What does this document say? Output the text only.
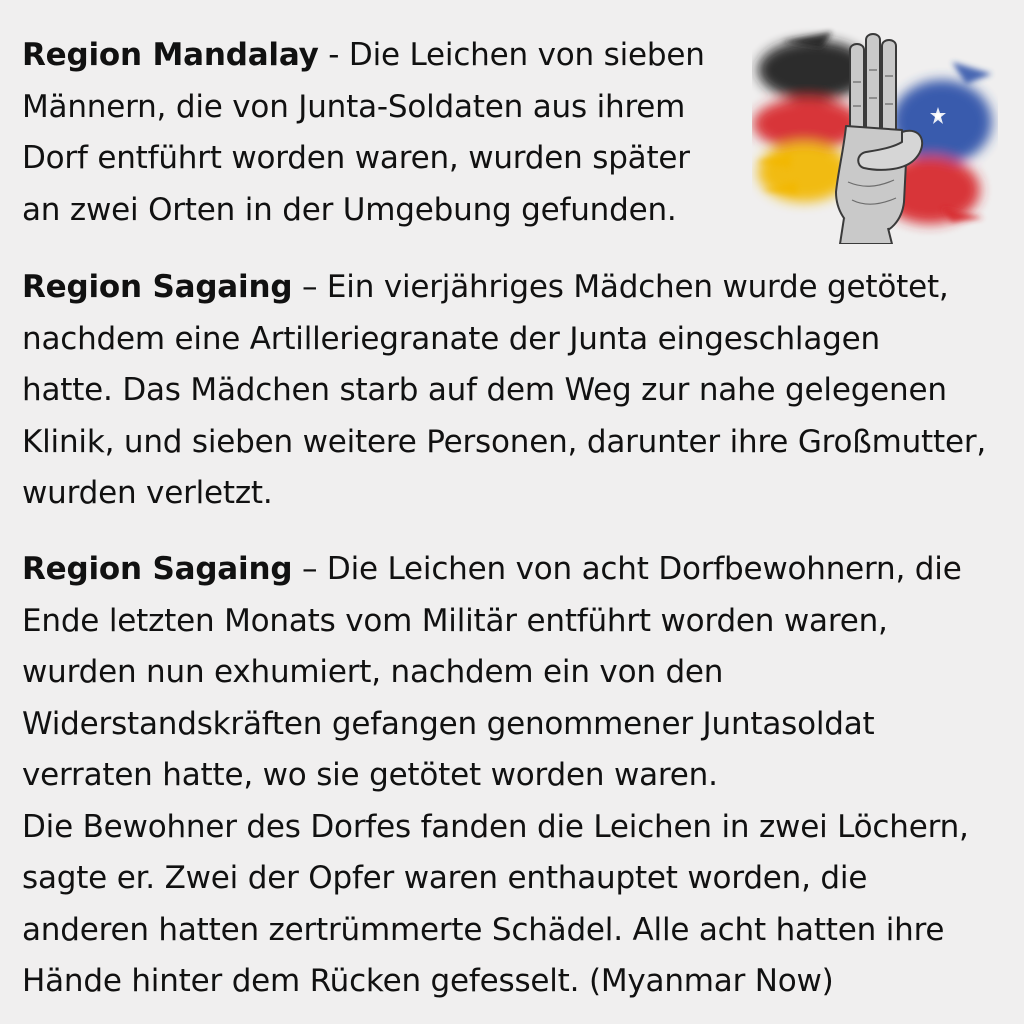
Region Mandalay - Die Leichen von sieben
Männern, die von Junta-Soldaten aus ihrem
Dorf entführt worden waren, wurden später
an zwei Orten in der Umgebung gefunden.
Region Sagaing – Ein vierjähriges Mädchen wurde getötet,
nachdem eine Artilleriegranate der Junta eingeschlagen
hatte. Das Mädchen starb auf dem Weg zur nahe gelegenen
Klinik, und sieben weitere Personen, darunter ihre Großmutter,
wurden verletzt.
Region Sagaing – Die Leichen von acht Dorfbewohnern, die
Ende letzten Monats vom Militär entführt worden waren,
wurden nun exhumiert, nachdem ein von den
Widerstandskräften gefangen genommener Juntasoldat
verraten hatte, wo sie getötet worden waren.
Die Bewohner des Dorfes fanden die Leichen in zwei Löchern,
sagte er. Zwei der Opfer waren enthauptet worden, die
anderen hatten zertrümmerte Schädel. Alle acht hatten ihre
Hände hinter dem Rücken gefesselt. (Myanmar Now)
